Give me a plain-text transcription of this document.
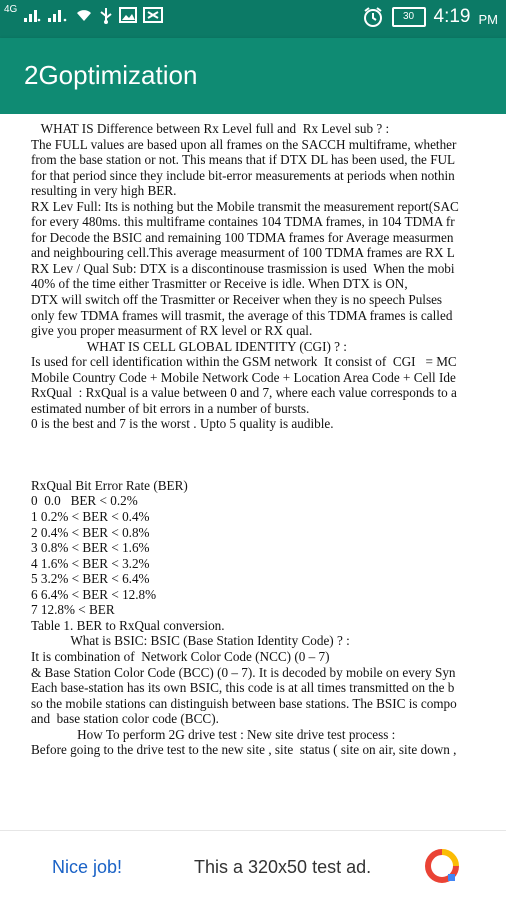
4G
30 4:19 PM
2Goptimization
WHAT IS Difference between Rx Level full and  Rx Level sub ? :
The FULL values are based upon all frames on the SACCH multiframe, whether
from the base station or not. This means that if DTX DL has been used, the FUL
for that period since they include bit-error measurements at periods when nothin
resulting in very high BER.
RX Lev Full: Its is nothing but the Mobile transmit the measurement report(SAC
for every 480ms. this multiframe containes 104 TDMA frames, in 104 TDMA fr
for Decode the BSIC and remaining 100 TDMA frames for Average measurmen
and neighbouring cell.This average measurment of 100 TDMA frames are RX L
RX Lev / Qual Sub: DTX is a discontinouse trasmission is used  When the mobi
40% of the time either Trasmitter or Receive is idle. When DTX is ON,
DTX will switch off the Trasmitter or Receiver when they is no speech Pulses
only few TDMA frames will trasmit, the average of this TDMA frames is called
give you proper measurment of RX level or RX qual.
WHAT IS CELL GLOBAL IDENTITY (CGI) ? :
Is used for cell identification within the GSM network  It consist of  CGI   = MC
Mobile Country Code + Mobile Network Code + Location Area Code + Cell Ide
RxQual  : RxQual is a value between 0 and 7, where each value corresponds to a
estimated number of bit errors in a number of bursts.
0 is the best and 7 is the worst . Upto 5 quality is audible.
RxQual Bit Error Rate (BER)
0  0.0   BER < 0.2%
1 0.2% < BER < 0.4%
2 0.4% < BER < 0.8%
3 0.8% < BER < 1.6%
4 1.6% < BER < 3.2%
5 3.2% < BER < 6.4%
6 6.4% < BER < 12.8%
7 12.8% < BER
Table 1. BER to RxQual conversion.
What is BSIC: BSIC (Base Station Identity Code) ? :
It is combination of  Network Color Code (NCC) (0 – 7)
& Base Station Color Code (BCC) (0 – 7). It is decoded by mobile on every Syn
Each base-station has its own BSIC, this code is at all times transmitted on the b
so the mobile stations can distinguish between base stations. The BSIC is compo
and  base station color code (BCC).
How To perform 2G drive test : New site drive test process :
Before going to the drive test to the new site , site  status ( site on air, site down ,
Nice job!	This a 320x50 test ad.
